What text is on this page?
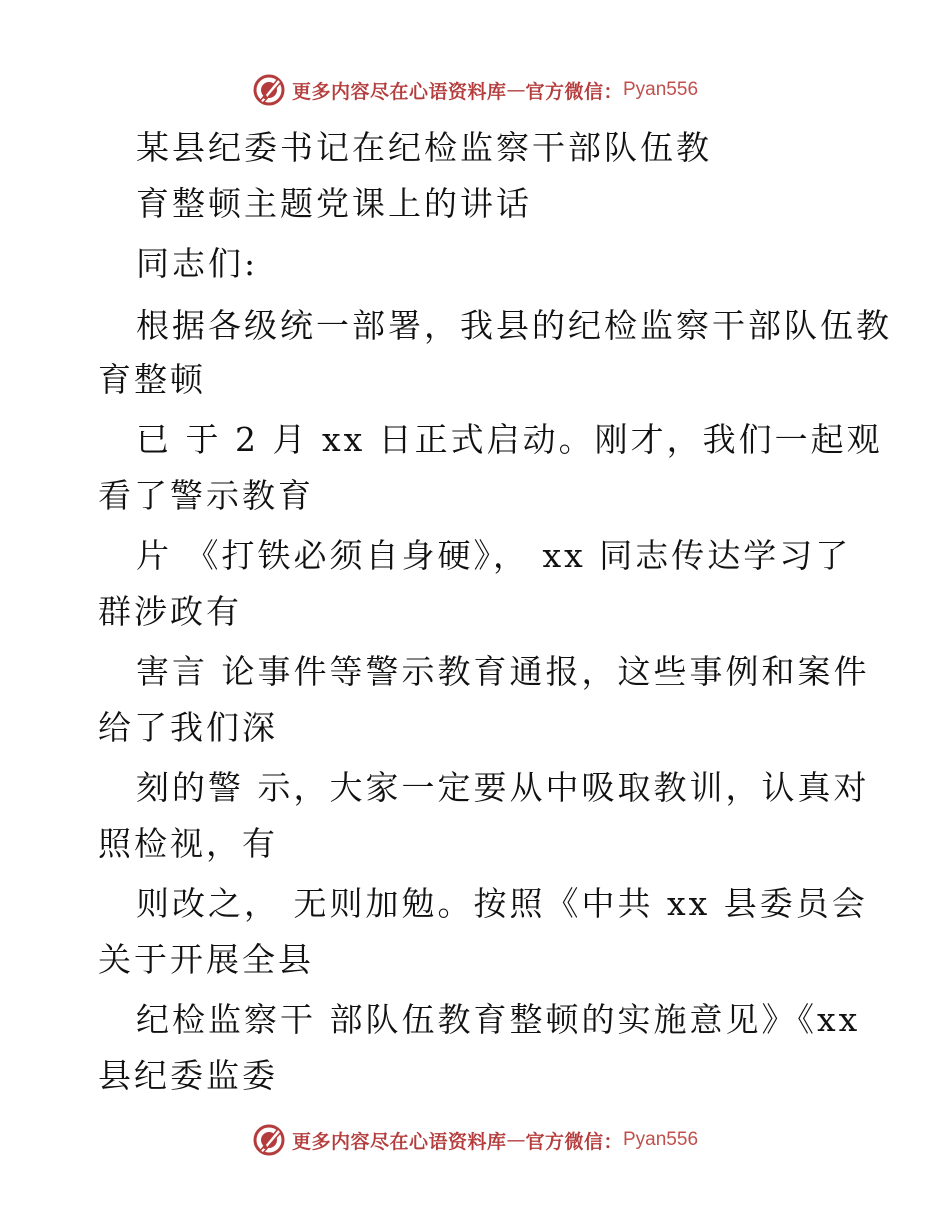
更多内容尽在心语资料库 — 官方微信： Pyan556
某县纪委书记在纪检监察干部队伍教
育整顿主题党课上的讲话
同志们:
根据各级统一部署，我县的纪检监察干部队伍教
育整顿
已 于 2 月 xx 日正式启动。刚才，我们一起观
看了警示教育
片 《打铁必须自身硬》， xx 同志传达学习了
群涉政有
害言 论事件等警示教育通报，这些事例和案件
给了我们深
刻的警 示，大家一定要从中吸取教训，认真对
照检视，有
则改之， 无则加勉。按照《中共 xx 县委员会
关于开展全县
纪检监察干 部队伍教育整顿的实施意见》《xx
县纪委监委
更多内容尽在心语资料库 — 官方微信： Pyan556
